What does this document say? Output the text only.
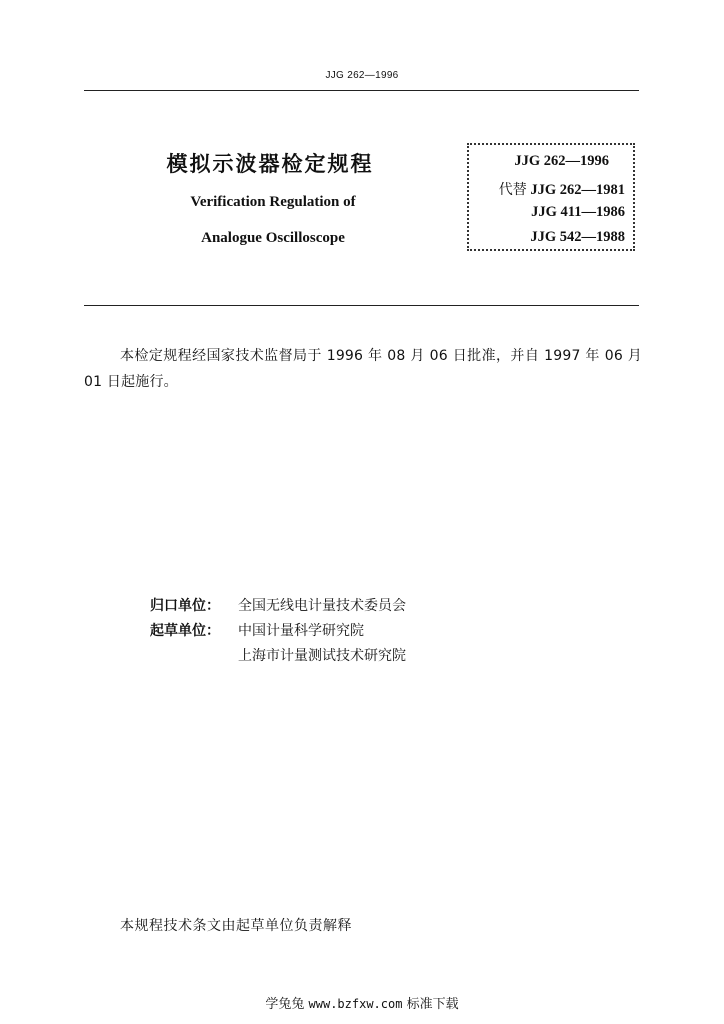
JJG 262—1996
模拟示波器检定规程
Verification Regulation of
Analogue Oscilloscope
JJG 262—1996
代替 JJG 262—1981
JJG 411—1986
JJG 542—1988
本检定规程经国家技术监督局于 1996 年 08 月 06 日批准，并自 1997 年 06 月 01 日起施行。
归口单位： 全国无线电计量技术委员会
起草单位： 中国计量科学研究院
上海市计量测试技术研究院
本规程技术条文由起草单位负责解释
学兔兔 www.bzfxw.com 标准下载
